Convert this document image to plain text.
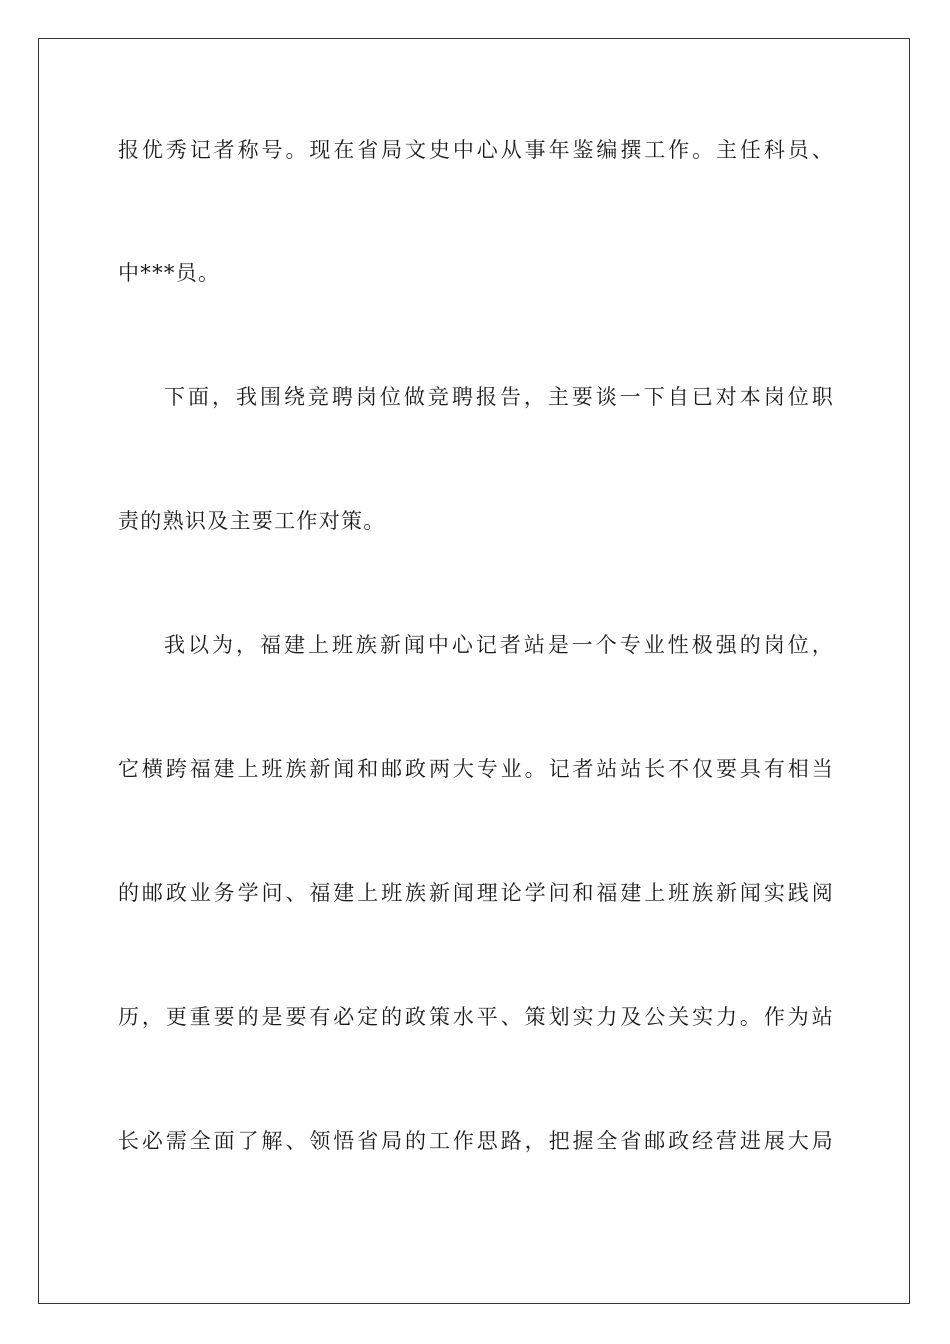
报优秀记者称号。现在省局文史中心从事年鉴编撰工作。主任科员、
中***员。
下面，我围绕竞聘岗位做竞聘报告，主要谈一下自已对本岗位职
责的熟识及主要工作对策。
我以为，福建上班族新闻中心记者站是一个专业性极强的岗位，
它横跨福建上班族新闻和邮政两大专业。记者站站长不仅要具有相当
的邮政业务学问、福建上班族新闻理论学问和福建上班族新闻实践阅
历，更重要的是要有必定的政策水平、策划实力及公关实力。作为站
长必需全面了解、领悟省局的工作思路，把握全省邮政经营进展大局
